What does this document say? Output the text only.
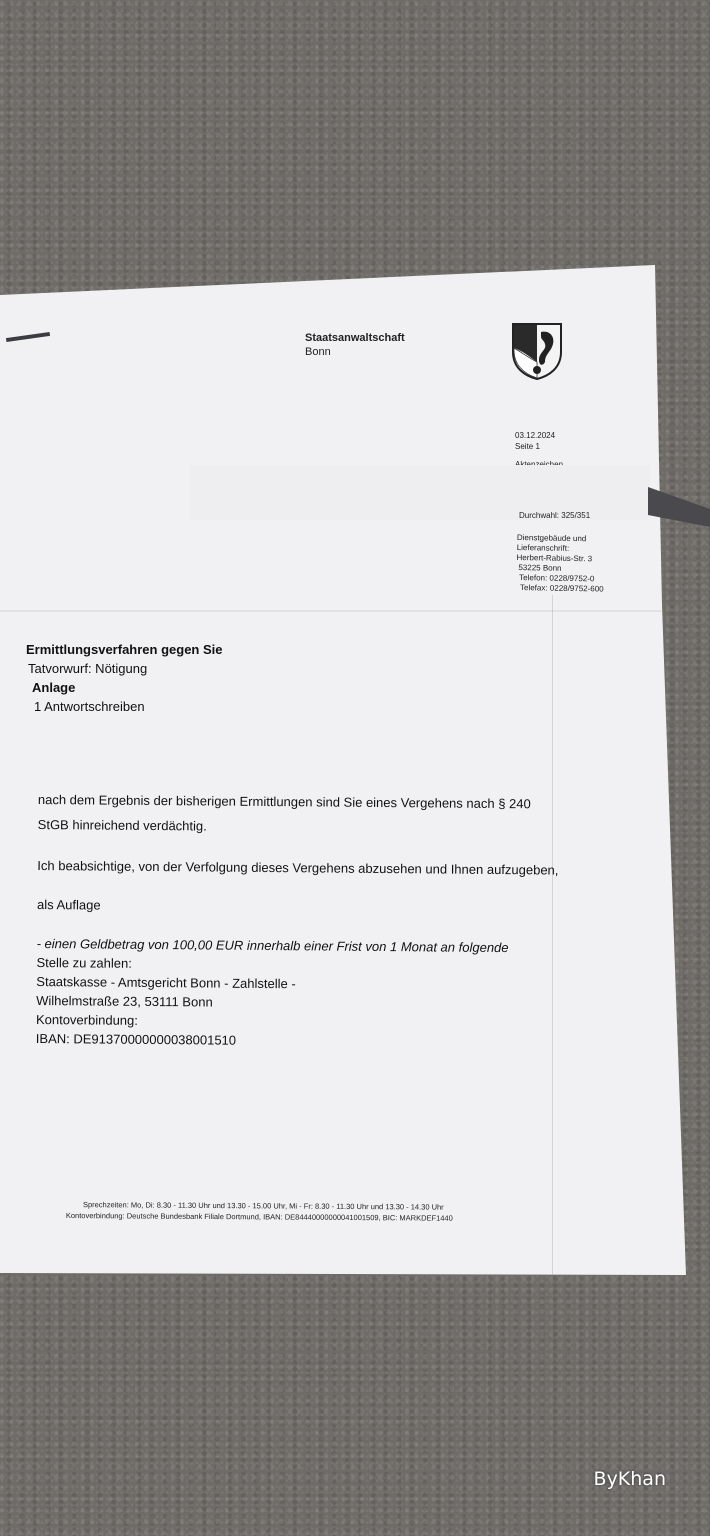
Staatsanwaltschaft
Bonn
03.12.2024
Seite 1
Durchwahl: 325/351
Dienstgebäude und
Lieferanschrift:
Herbert-Rabius-Str. 3
53225 Bonn
Telefon: 0228/9752-0
Telefax: 0228/9752-600
Ermittlungsverfahren gegen Sie
Tatvorwurf: Nötigung
Anlage
1 Antwortschreiben

nach dem Ergebnis der bisherigen Ermittlungen sind Sie eines Vergehens nach § 240

StGB hinreichend verdächtig.

Ich beabsichtige, von der Verfolgung dieses Vergehens abzusehen und Ihnen aufzugeben,

als Auflage

- einen Geldbetrag von 100,00 EUR innerhalb einer Frist von 1 Monat an folgende

Stelle zu zahlen:

Staatskasse - Amtsgericht Bonn - Zahlstelle -

Wilhelmstraße 23, 53111 Bonn

Kontoverbindung:

IBAN: DE91370000000038001510

Sprechzeiten: Mo, Di: 8.30 - 11.30 Uhr und 13.30 - 15.00 Uhr, Mi - Fr: 8.30 - 11.30 Uhr und 13.30 - 14.30 Uhr
Kontoverbindung: Deutsche Bundesbank Filiale Dortmund, IBAN: DE84440000000041001509, BIC: MARKDEF1440
ByKhan
